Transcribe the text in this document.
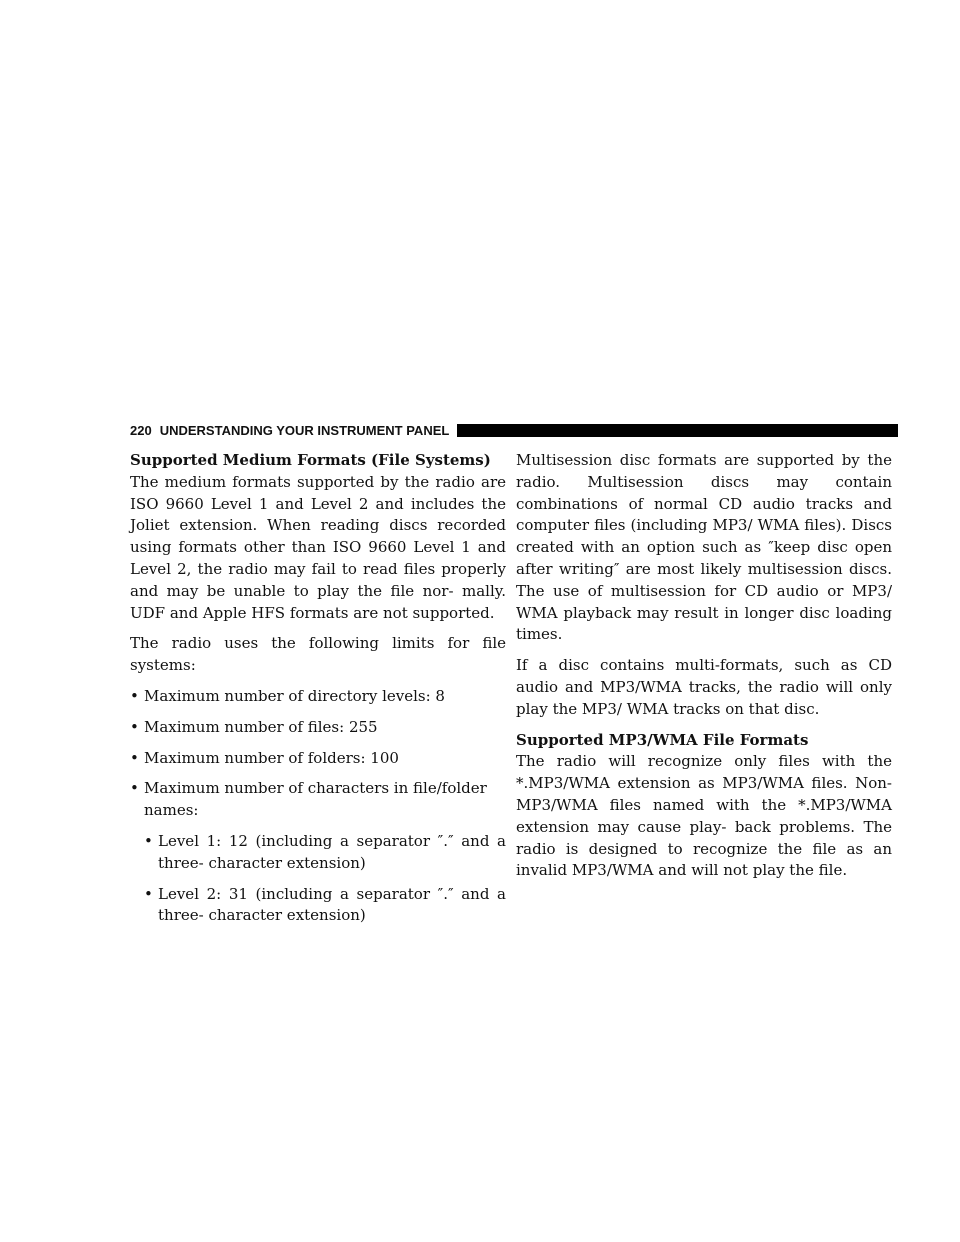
220 UNDERSTANDING YOUR INSTRUMENT PANEL
Supported Medium Formats (File Systems)

The medium formats supported by the radio are ISO 9660 Level 1 and Level 2 and includes the Joliet extension. When reading discs recorded using formats other than ISO 9660 Level 1 and Level 2, the radio may fail to read files properly and may be unable to play the file nor- mally. UDF and Apple HFS formats are not supported.

The radio uses the following limits for file systems:

• Maximum number of directory levels: 8
• Maximum number of files: 255
• Maximum number of folders: 100
• Maximum number of characters in file/folder names:
• Level 1: 12 (including a separator ″.″ and a three- character extension)
• Level 2: 31 (including a separator ″.″ and a three- character extension)

Multisession disc formats are supported by the radio. Multisession discs may contain combinations of normal CD audio tracks and computer files (including MP3/ WMA files). Discs created with an option such as ″keep disc open after writing″ are most likely multisession discs. The use of multisession for CD audio or MP3/ WMA playback may result in longer disc loading times.

If a disc contains multi-formats, such as CD audio and MP3/WMA tracks, the radio will only play the MP3/ WMA tracks on that disc.

Supported MP3/WMA File Formats

The radio will recognize only files with the *.MP3/WMA extension as MP3/WMA files. Non-MP3/WMA files named with the *.MP3/WMA extension may cause play- back problems. The radio is designed to recognize the file as an invalid MP3/WMA and will not play the file.
